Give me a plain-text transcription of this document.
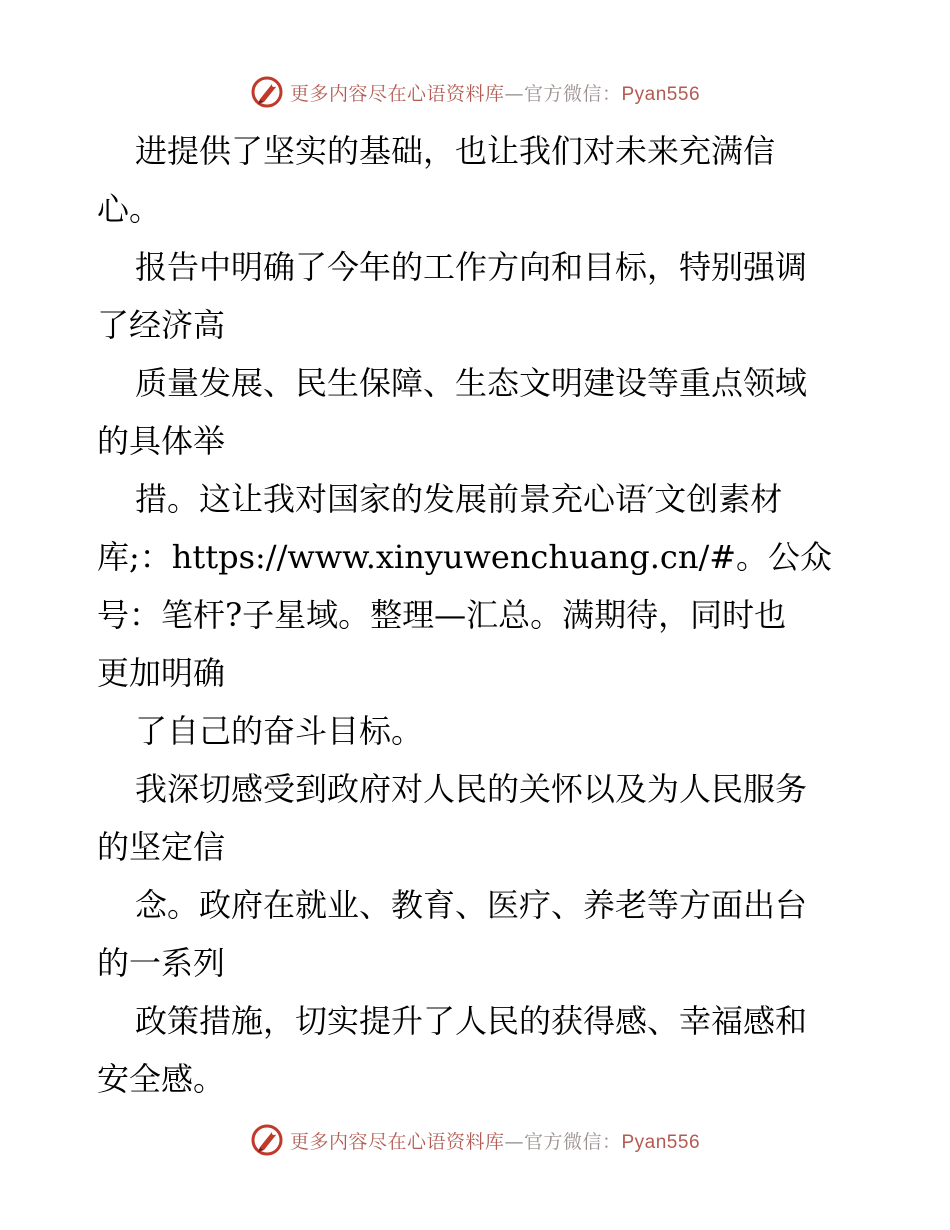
更多内容尽在心语资料库—官方微信：Pyan556
进提供了坚实的基础，也让我们对未来充满信
心。
报告中明确了今年的工作方向和目标，特别强调
了经济高
质量发展、民生保障、生态文明建设等重点领域
的具体举
措。这让我对国家的发展前景充心语′文创素材
库;：https://www.xinyuwenchuang.cn/#。公众
号：笔杆?子星域。整理—汇总。满期待，同时也
更加明确
了自己的奋斗目标。
我深切感受到政府对人民的关怀以及为人民服务
的坚定信
念。政府在就业、教育、医疗、养老等方面出台
的一系列
政策措施，切实提升了人民的获得感、幸福感和
安全感。
更多内容尽在心语资料库—官方微信：Pyan556
